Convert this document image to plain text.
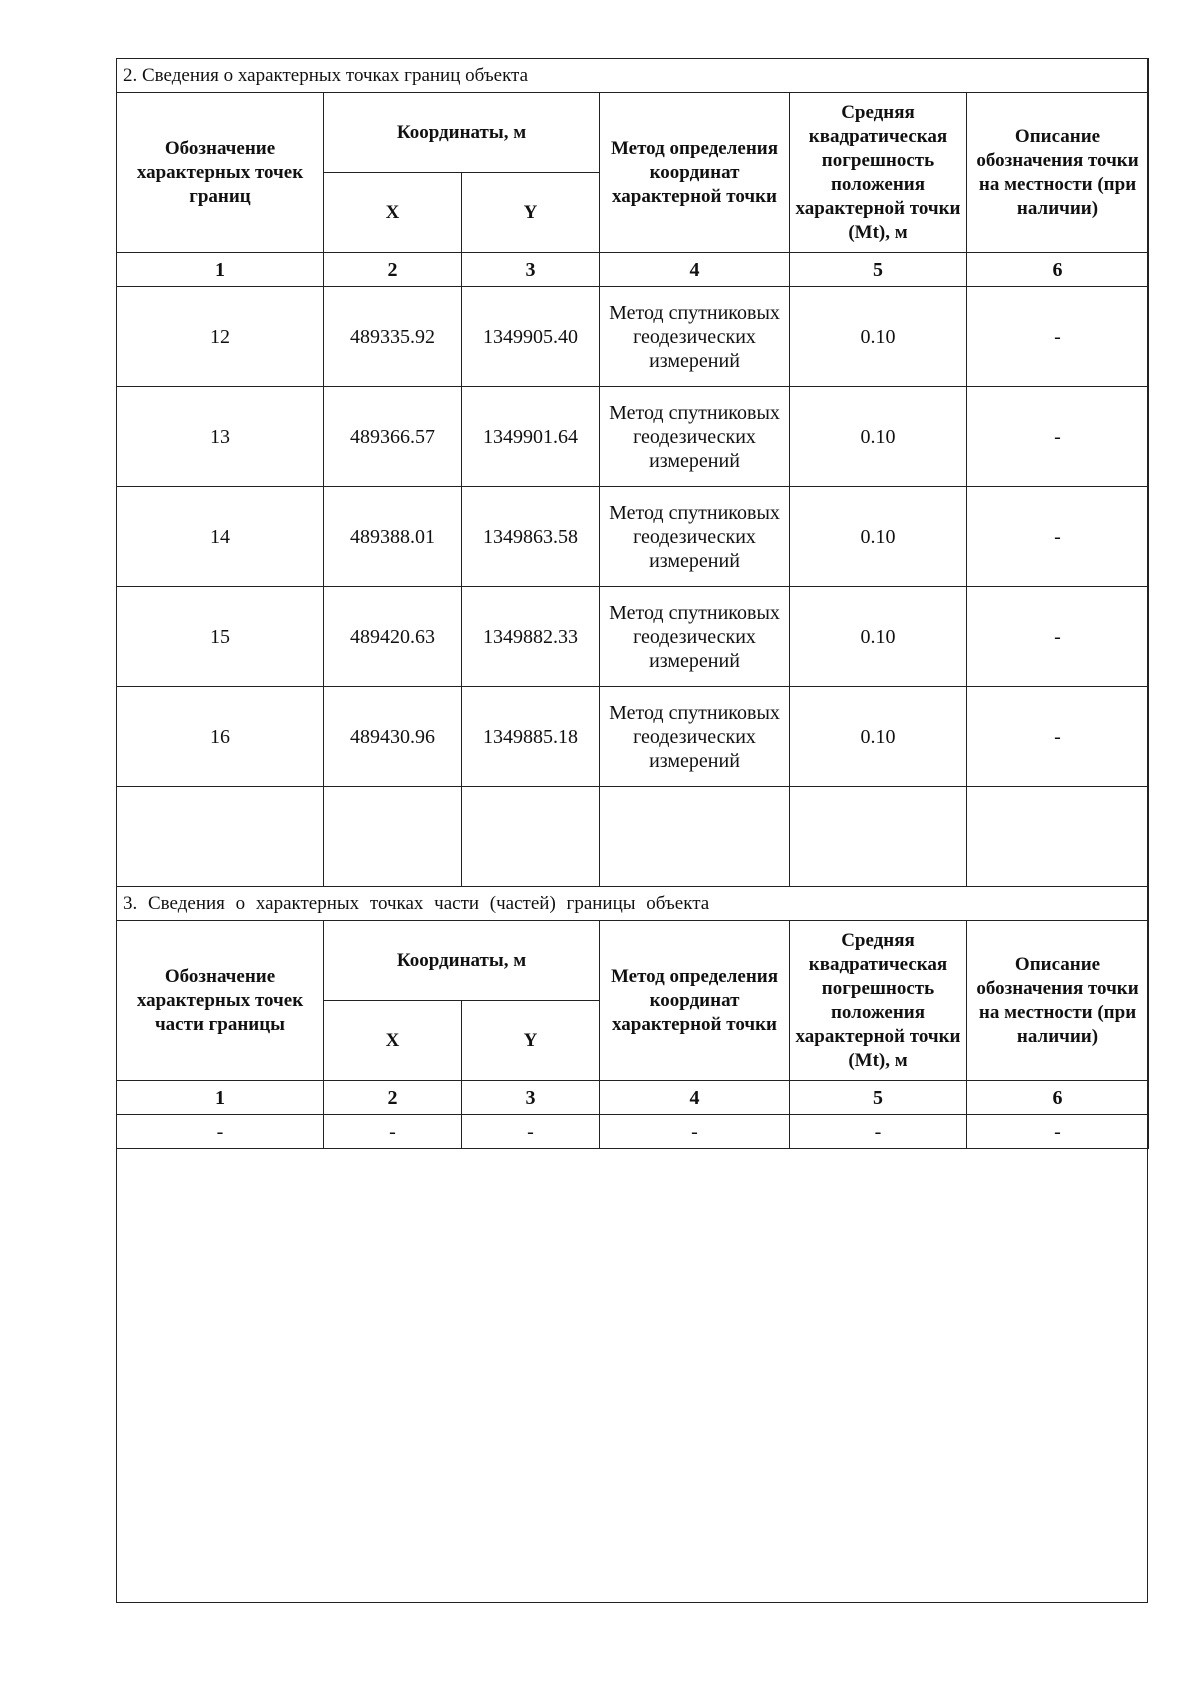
2. Сведения о характерных точках границ объекта					
Обозначение характерных точек границ	Координаты, м		Метод определения координат характерной точки	Средняя квадратическая погрешность положения характерной точки (Mt), м	Описание обозначения точки на местности (при наличии)
	X	Y			
1	2	3	4	5	6
12	489335.92	1349905.40	Метод спутниковых геодезических измерений	0.10	-
13	489366.57	1349901.64	Метод спутниковых геодезических измерений	0.10	-
14	489388.01	1349863.58	Метод спутниковых геодезических измерений	0.10	-
15	489420.63	1349882.33	Метод спутниковых геодезических измерений	0.10	-
16	489430.96	1349885.18	Метод спутниковых геодезических измерений	0.10	-

3. Сведения о характерных точках части (частей) границы объекта					
Обозначение характерных точек части границы	Координаты, м		Метод определения координат характерной точки	Средняя квадратическая погрешность положения характерной точки (Mt), м	Описание обозначения точки на местности (при наличии)
	X	Y			
1	2	3	4	5	6
-	-	-	-	-	-
